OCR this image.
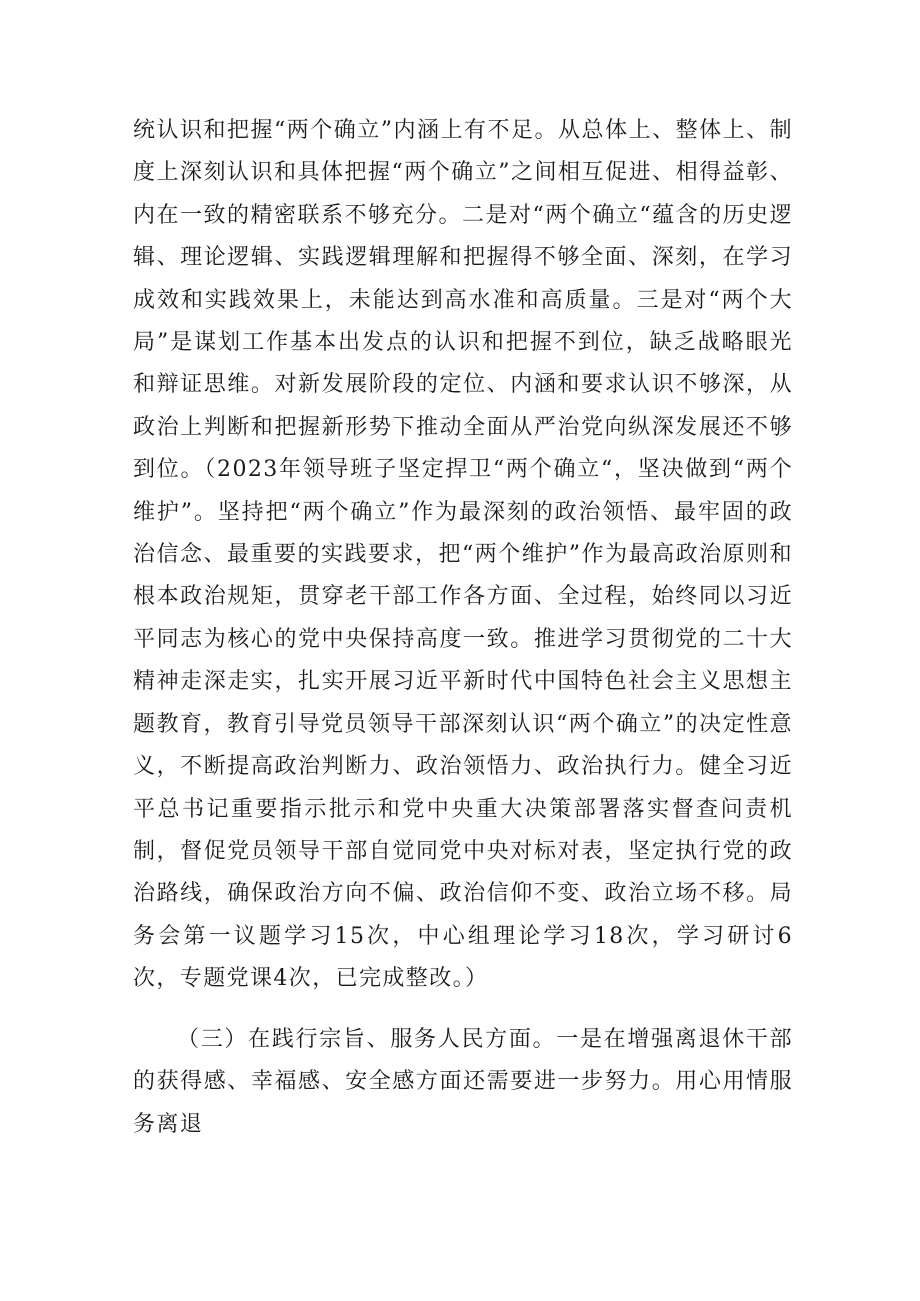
统认识和把握“两个确立”内涵上有不足。从总体上、整体上、制度上深刻认识和具体把握“两个确立”之间相互促进、相得益彰、内在一致的精密联系不够充分。二是对“两个确立“蕴含的历史逻辑、理论逻辑、实践逻辑理解和把握得不够全面、深刻，在学习成效和实践效果上，未能达到高水准和高质量。三是对“两个大局”是谋划工作基本出发点的认识和把握不到位，缺乏战略眼光和辩证思维。对新发展阶段的定位、内涵和要求认识不够深，从政治上判断和把握新形势下推动全面从严治党向纵深发展还不够到位。（2023年领导班子坚定捍卫“两个确立“，坚决做到“两个维护”。坚持把“两个确立”作为最深刻的政治领悟、最牢固的政治信念、最重要的实践要求，把“两个维护”作为最高政治原则和根本政治规矩，贯穿老干部工作各方面、全过程，始终同以习近平同志为核心的党中央保持高度一致。推进学习贯彻党的二十大精神走深走实，扎实开展习近平新时代中国特色社会主义思想主题教育，教育引导党员领导干部深刻认识“两个确立”的决定性意义，不断提高政治判断力、政治领悟力、政治执行力。健全习近平总书记重要指示批示和党中央重大决策部署落实督查问责机制，督促党员领导干部自觉同党中央对标对表，坚定执行党的政治路线，确保政治方向不偏、政治信仰不变、政治立场不移。局务会第一议题学习15次，中心组理论学习18次，学习研讨6次，专题党课4次，已完成整改。）

（三）在践行宗旨、服务人民方面。一是在增强离退休干部的获得感、幸福感、安全感方面还需要进一步努力。用心用情服务离退
